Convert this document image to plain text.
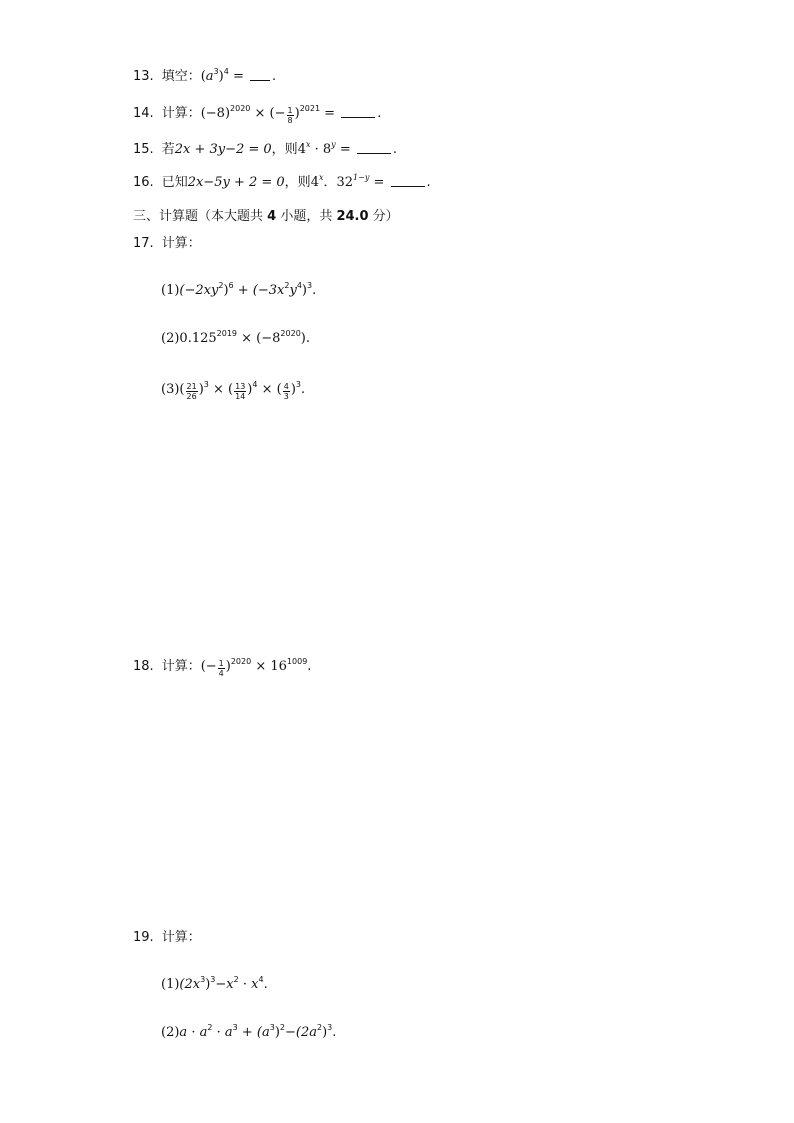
13. 填空：$(a^3)^4$ = .
14. 计算：$(-8)^{2020}$ × (− $\frac{1}{8} )^{2021}$ =	.
15. 若2x + 3y−2 = 0，则$4^x \cdot 8^y$ =	.
16. 已知2x−5y + 2 = 0，则4$^x$．$32^{1-y}$ =	.
三、计算题（本大题共 4 小题，共 24.0 分）
17. 计算：
$(1)(-2xy^2)^6 + (-3x^2y^4)^3$.
$(2)0.125^{2019} \times (-8^{2020})$.
$(3)( \frac{21}{26} )^3$ × ( $\frac{13}{14} )^4$ × ( $\frac{4}{3} )^3$.
18. 计算：(− $\frac{1}{4} )^{2020} \times 16^{1009}$.
19. 计算：
$(1)(2x^3)^3-x^2 \cdot x^4$.
$(2)a \cdot a^2 \cdot a^3 + (a^3)^2-(2a^2)^3$.
